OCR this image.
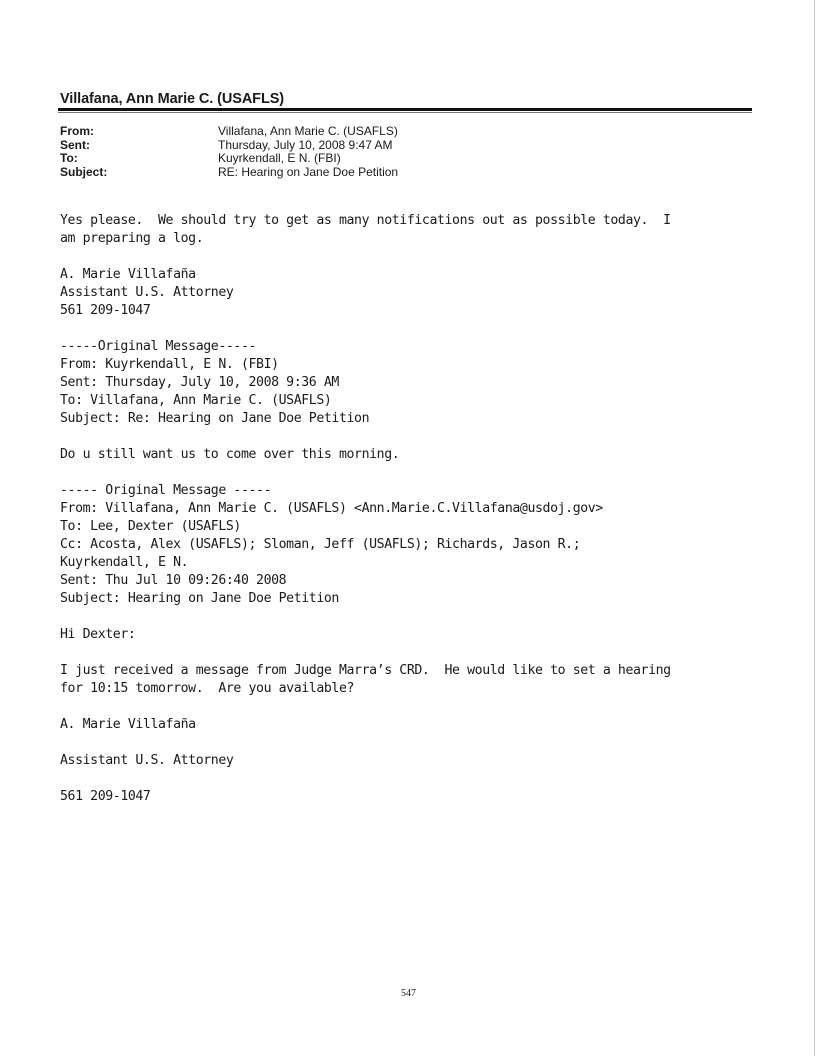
Villafana, Ann Marie C. (USAFLS)
From:	Villafana, Ann Marie C. (USAFLS)
Sent:	Thursday, July 10, 2008 9:47 AM
To:	Kuyrkendall, E N. (FBI)
Subject:	RE: Hearing on Jane Doe Petition
Yes please.  We should try to get as many notifications out as possible today.  I
am preparing a log.
A. Marie Villafaña
Assistant U.S. Attorney
561 209-1047
-----Original Message-----
From: Kuyrkendall, E N. (FBI)
Sent: Thursday, July 10, 2008 9:36 AM
To: Villafana, Ann Marie C. (USAFLS)
Subject: Re: Hearing on Jane Doe Petition
Do u still want us to come over this morning.
----- Original Message -----
From: Villafana, Ann Marie C. (USAFLS) <Ann.Marie.C.Villafana@usdoj.gov>
To: Lee, Dexter (USAFLS)
Cc: Acosta, Alex (USAFLS); Sloman, Jeff (USAFLS); Richards, Jason R.;
Kuyrkendall, E N.
Sent: Thu Jul 10 09:26:40 2008
Subject: Hearing on Jane Doe Petition
Hi Dexter:
I just received a message from Judge Marra’s CRD.  He would like to set a hearing
for 10:15 tomorrow.  Are you available?
A. Marie Villafaña
Assistant U.S. Attorney
561 209-1047
547
